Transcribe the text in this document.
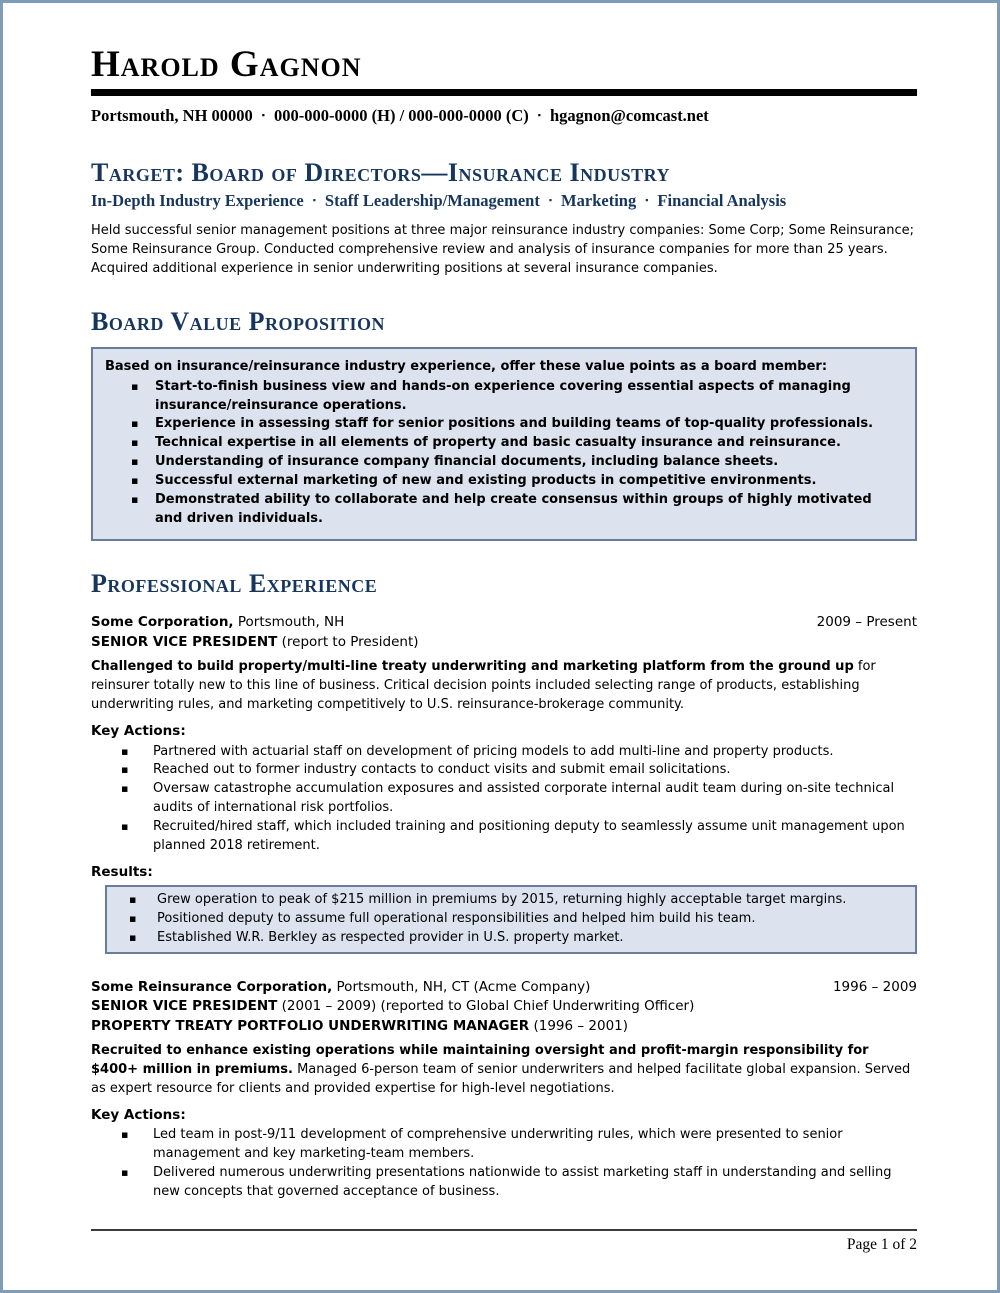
Harold Gagnon
Portsmouth, NH 00000 ▪ 000-000-0000 (H) / 000-000-0000 (C) ▪ hgagnon@comcast.net
Target: Board of Directors—Insurance Industry
In-Depth Industry Experience ▪ Staff Leadership/Management ▪ Marketing ▪ Financial Analysis
Held successful senior management positions at three major reinsurance industry companies: Some Corp; Some Reinsurance; Some Reinsurance Group. Conducted comprehensive review and analysis of insurance companies for more than 25 years. Acquired additional experience in senior underwriting positions at several insurance companies.
Board Value Proposition
Based on insurance/reinsurance industry experience, offer these value points as a board member:
▪ Start-to-finish business view and hands-on experience covering essential aspects of managing insurance/reinsurance operations.
▪ Experience in assessing staff for senior positions and building teams of top-quality professionals.
▪ Technical expertise in all elements of property and basic casualty insurance and reinsurance.
▪ Understanding of insurance company financial documents, including balance sheets.
▪ Successful external marketing of new and existing products in competitive environments.
▪ Demonstrated ability to collaborate and help create consensus within groups of highly motivated and driven individuals.
Professional Experience
Some Corporation, Portsmouth, NH	2009 – Present
SENIOR VICE PRESIDENT (report to President)
Challenged to build property/multi-line treaty underwriting and marketing platform from the ground up for reinsurer totally new to this line of business. Critical decision points included selecting range of products, establishing underwriting rules, and marketing competitively to U.S. reinsurance-brokerage community.
Key Actions:
▪ Partnered with actuarial staff on development of pricing models to add multi-line and property products.
▪ Reached out to former industry contacts to conduct visits and submit email solicitations.
▪ Oversaw catastrophe accumulation exposures and assisted corporate internal audit team during on-site technical audits of international risk portfolios.
▪ Recruited/hired staff, which included training and positioning deputy to seamlessly assume unit management upon planned 2018 retirement.
Results:
▪ Grew operation to peak of $215 million in premiums by 2015, returning highly acceptable target margins.
▪ Positioned deputy to assume full operational responsibilities and helped him build his team.
▪ Established W.R. Berkley as respected provider in U.S. property market.
Some Reinsurance Corporation, Portsmouth, NH, CT (Acme Company)	1996 – 2009
SENIOR VICE PRESIDENT (2001 – 2009) (reported to Global Chief Underwriting Officer)
PROPERTY TREATY PORTFOLIO UNDERWRITING MANAGER (1996 – 2001)
Recruited to enhance existing operations while maintaining oversight and profit-margin responsibility for $400+ million in premiums. Managed 6-person team of senior underwriters and helped facilitate global expansion. Served as expert resource for clients and provided expertise for high-level negotiations.
Key Actions:
▪ Led team in post-9/11 development of comprehensive underwriting rules, which were presented to senior management and key marketing-team members.
▪ Delivered numerous underwriting presentations nationwide to assist marketing staff in understanding and selling new concepts that governed acceptance of business.
Page 1 of 2
